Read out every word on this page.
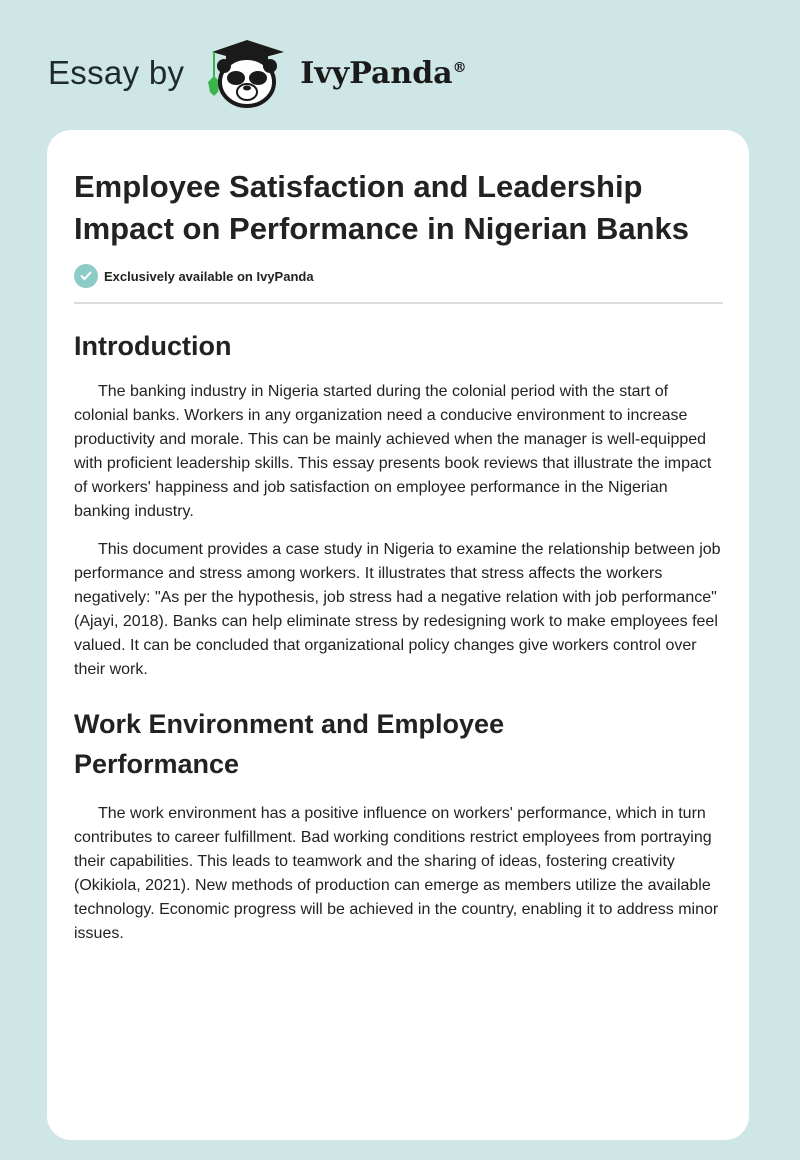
Essay by	IvyPanda®
Employee Satisfaction and Leadership Impact on Performance in Nigerian Banks
Exclusively available on IvyPanda
Introduction

The banking industry in Nigeria started during the colonial period with the start of colonial banks. Workers in any organization need a conducive environment to increase productivity and morale. This can be mainly achieved when the manager is well-equipped with proficient leadership skills. This essay presents book reviews that illustrate the impact of workers' happiness and job satisfaction on employee performance in the Nigerian banking industry.

This document provides a case study in Nigeria to examine the relationship between job performance and stress among workers. It illustrates that stress affects the workers negatively: "As per the hypothesis, job stress had a negative relation with job performance" (Ajayi, 2018). Banks can help eliminate stress by redesigning work to make employees feel valued. It can be concluded that organizational policy changes give workers control over their work.

Work Environment and Employee Performance

The work environment has a positive influence on workers' performance, which in turn contributes to career fulfillment. Bad working conditions restrict employees from portraying their capabilities. This leads to teamwork and the sharing of ideas, fostering creativity (Okikiola, 2021). New methods of production can emerge as members utilize the available technology. Economic progress will be achieved in the country, enabling it to address minor issues.
